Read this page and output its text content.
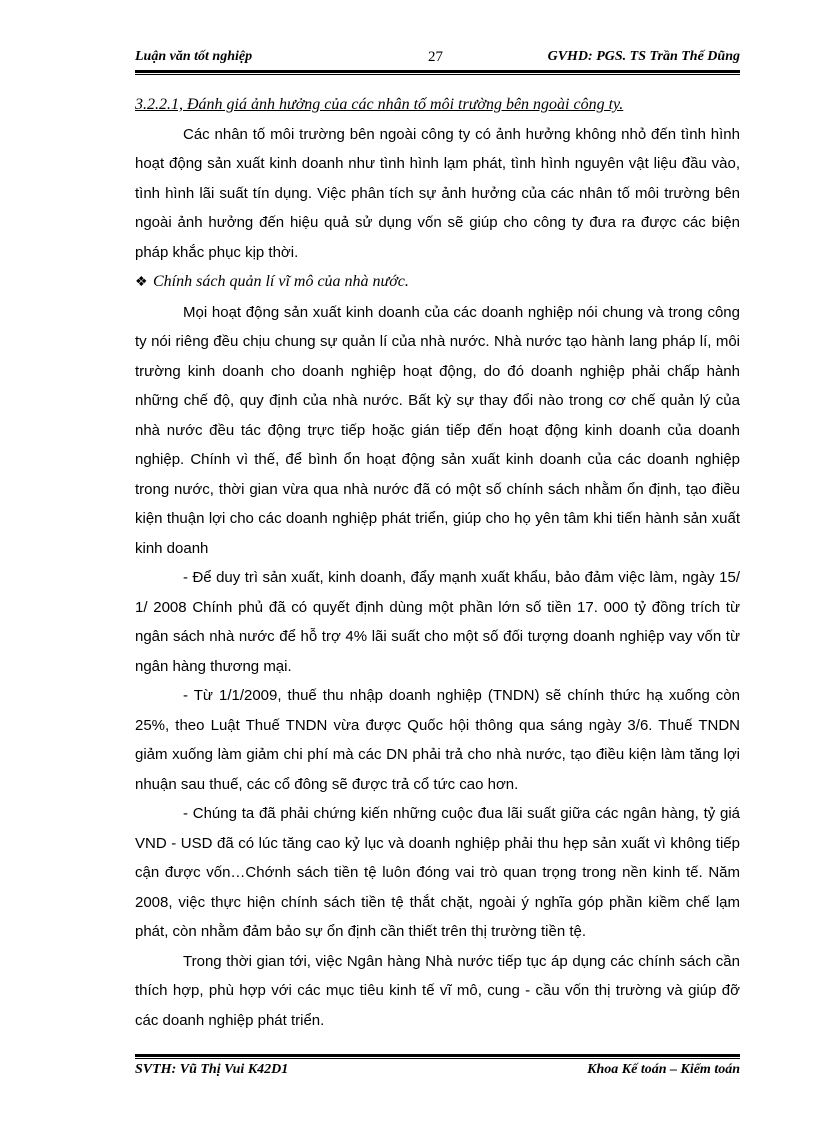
Luận văn tốt nghiệp	27	GVHD: PGS. TS Trần Thế Dũng

3.2.2.1, Đánh giá ảnh hưởng của các nhân tố môi trường bên ngoài công ty.

Các nhân tố môi trường bên ngoài công ty có ảnh hưởng không nhỏ đến tình hình hoạt động sản xuất kinh doanh như tình hình lạm phát, tình hình nguyên vật liệu đầu vào, tình hình lãi suất tín dụng. Việc phân tích sự ảnh hưởng của các nhân tố môi trường bên ngoài ảnh hưởng đến hiệu quả sử dụng vốn sẽ giúp cho công ty đưa ra được các biện pháp khắc phục kịp thời.

❖ Chính sách quản lí vĩ mô của nhà nước.

Mọi hoạt động sản xuất kinh doanh của các doanh nghiệp nói chung và trong công ty nói riêng đều chịu chung sự quản lí của nhà nước. Nhà nước tạo hành lang pháp lí, môi trường kinh doanh cho doanh nghiệp hoạt động, do đó doanh nghiệp phải chấp hành những chế độ, quy định của nhà nước. Bất kỳ sự thay đổi nào trong cơ chế quản lý của nhà nước đều tác động trực tiếp hoặc gián tiếp đến hoạt động kinh doanh của doanh nghiệp. Chính vì thế, để bình ổn hoạt động sản xuất kinh doanh của các doanh nghiệp trong nước, thời gian vừa qua nhà nước đã có một số chính sách nhằm ổn định, tạo điều kiện thuận lợi cho các doanh nghiệp phát triển, giúp cho họ yên tâm khi tiến hành sản xuất kinh doanh

- Để duy trì sản xuất, kinh doanh, đẩy mạnh xuất khẩu, bảo đảm việc làm, ngày 15/ 1/ 2008 Chính phủ đã có quyết định dùng một phần lớn số tiền 17. 000 tỷ đồng trích từ ngân sách nhà nước để hỗ trợ 4% lãi suất cho một số đối tượng doanh nghiệp vay vốn từ ngân hàng thương mại.

- Từ 1/1/2009, thuế thu nhập doanh nghiệp (TNDN) sẽ chính thức hạ xuống còn 25%, theo Luật Thuế TNDN vừa được Quốc hội thông qua sáng ngày 3/6. Thuế TNDN giảm xuống làm giảm chi phí mà các DN phải trả cho nhà nước, tạo điều kiện làm tăng lợi nhuận sau thuế, các cổ đông sẽ được trả cổ tức cao hơn.

- Chúng ta đã phải chứng kiến những cuộc đua lãi suất giữa các ngân hàng, tỷ giá VND - USD đã có lúc tăng cao kỷ lục và doanh nghiệp phải thu hẹp sản xuất vì không tiếp cận được vốn…Chớnh sách tiền tệ luôn đóng vai trò quan trọng trong nền kinh tế. Năm 2008, việc thực hiện chính sách tiền tệ thắt chặt, ngoài ý nghĩa góp phần kiềm chế lạm phát, còn nhằm đảm bảo sự ổn định cần thiết trên thị trường tiền tệ.

Trong thời gian tới, việc Ngân hàng Nhà nước tiếp tục áp dụng các chính sách cần thích hợp, phù hợp với các mục tiêu kinh tế vĩ mô, cung - cầu vốn thị trường và giúp đỡ các doanh nghiệp phát triển.

SVTH: Vũ Thị Vui K42D1	Khoa Kế toán – Kiểm toán
